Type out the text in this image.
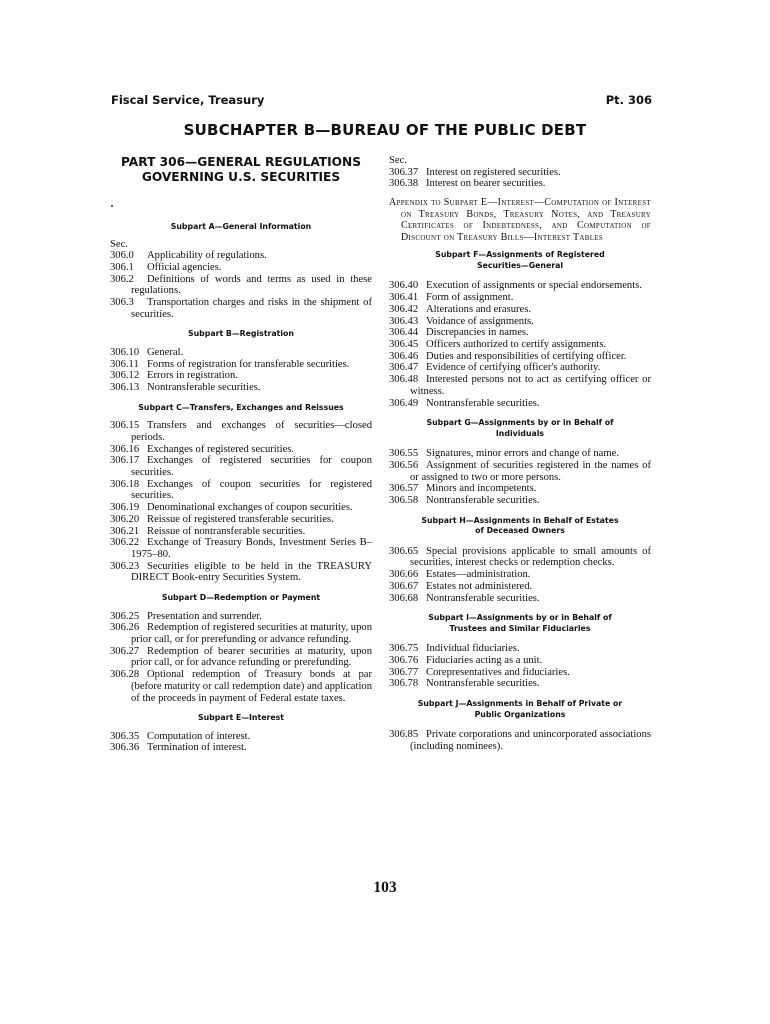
Fiscal Service, Treasury	Pt. 306
SUBCHAPTER B—BUREAU OF THE PUBLIC DEBT
PART 306—GENERAL REGULATIONS
GOVERNING U.S. SECURITIES
Subpart A—General Information
Sec.
306.0 Applicability of regulations.
306.1 Official agencies.
306.2 Definitions of words and terms as used in these regulations.
306.3 Transportation charges and risks in the shipment of securities.
Subpart B—Registration
306.10 General.
306.11 Forms of registration for transferable securities.
306.12 Errors in registration.
306.13 Nontransferable securities.
Subpart C—Transfers, Exchanges and Reissues
306.15 Transfers and exchanges of securities—closed periods.
306.16 Exchanges of registered securities.
306.17 Exchanges of registered securities for coupon securities.
306.18 Exchanges of coupon securities for registered securities.
306.19 Denominational exchanges of coupon securities.
306.20 Reissue of registered transferable securities.
306.21 Reissue of nontransferable securities.
306.22 Exchange of Treasury Bonds, Investment Series B–1975–80.
306.23 Securities eligible to be held in the TREASURY DIRECT Book-entry Securities System.
Subpart D—Redemption or Payment
306.25 Presentation and surrender.
306.26 Redemption of registered securities at maturity, upon prior call, or for prerefunding or advance refunding.
306.27 Redemption of bearer securities at maturity, upon prior call, or for advance refunding or prerefunding.
306.28 Optional redemption of Treasury bonds at par (before maturity or call redemption date) and application of the proceeds in payment of Federal estate taxes.
Subpart E—Interest
306.35 Computation of interest.
306.36 Termination of interest.
Sec.
306.37 Interest on registered securities.
306.38 Interest on bearer securities.
Appendix to Subpart E—Interest—Computation of Interest on Treasury Bonds, Treasury Notes, and Treasury Certificates of Indebtedness, and Computation of Discount on Treasury Bills—Interest Tables
Subpart F—Assignments of Registered
Securities—General
306.40 Execution of assignments or special endorsements.
306.41 Form of assignment.
306.42 Alterations and erasures.
306.43 Voidance of assignments.
306.44 Discrepancies in names.
306.45 Officers authorized to certify assignments.
306.46 Duties and responsibilities of certifying officer.
306.47 Evidence of certifying officer's authority.
306.48 Interested persons not to act as certifying officer or witness.
306.49 Nontransferable securities.
Subpart G—Assignments by or in Behalf of
Individuals
306.55 Signatures, minor errors and change of name.
306.56 Assignment of securities registered in the names of or assigned to two or more persons.
306.57 Minors and incompetents.
306.58 Nontransferable securities.
Subpart H—Assignments in Behalf of Estates
of Deceased Owners
306.65 Special provisions applicable to small amounts of securities, interest checks or redemption checks.
306.66 Estates—administration.
306.67 Estates not administered.
306.68 Nontransferable securities.
Subpart I—Assignments by or in Behalf of
Trustees and Similar Fiduciaries
306.75 Individual fiduciaries.
306.76 Fiduciaries acting as a unit.
306.77 Corepresentatives and fiduciaries.
306.78 Nontransferable securities.
Subpart J—Assignments in Behalf of Private or
Public Organizations
306.85 Private corporations and unincorporated associations (including nominees).
103
